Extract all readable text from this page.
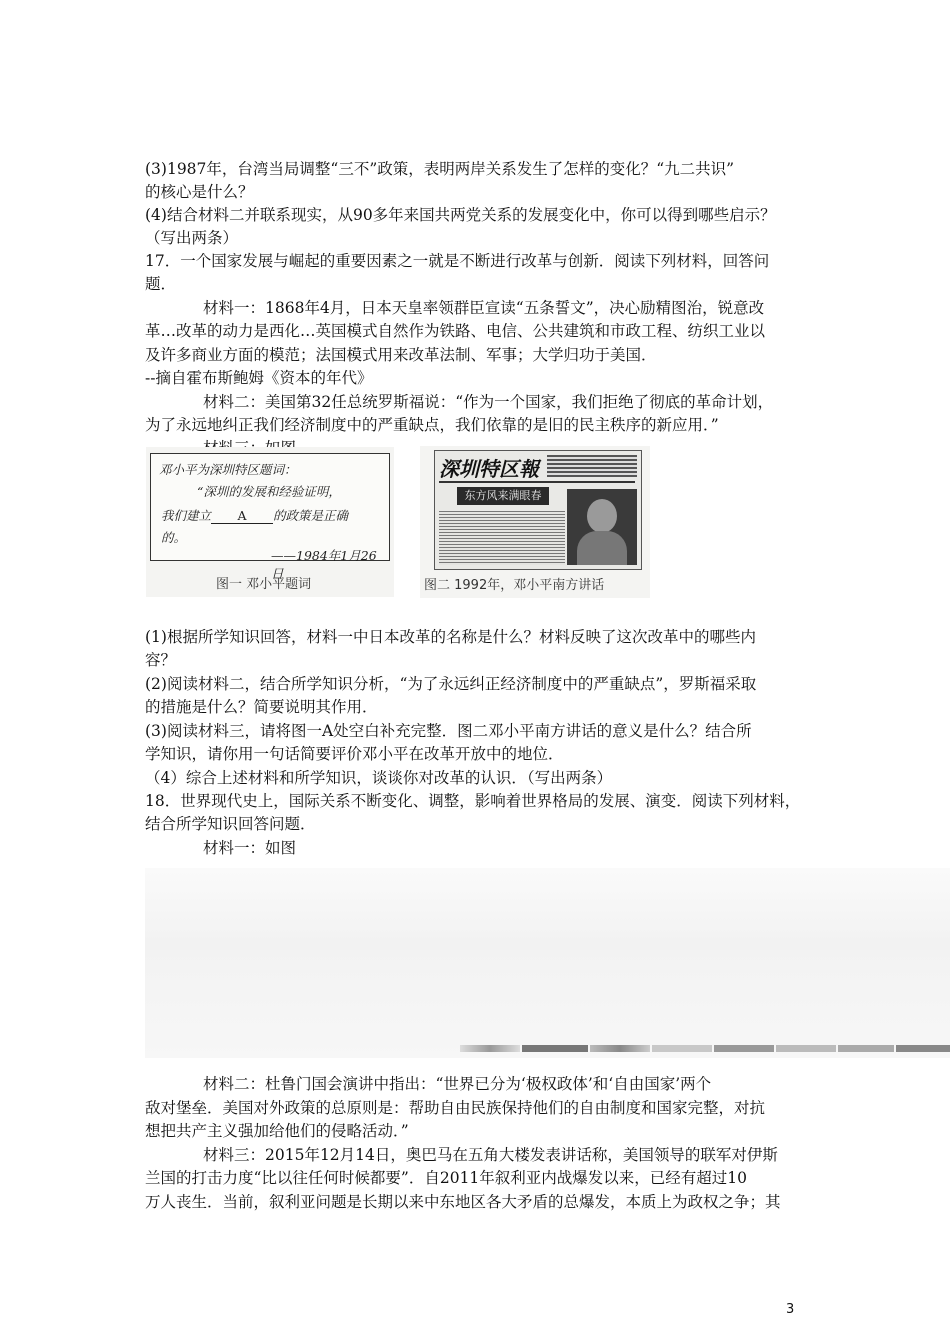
(3)1987年，台湾当局调整“三不”政策，表明两岸关系发生了怎样的变化？“九二共识”
的核心是什么？
(4)结合材料二并联系现实，从90多年来国共两党关系的发展变化中，你可以得到哪些启示？
（写出两条）
17．一个国家发展与崛起的重要因素之一就是不断进行改革与创新．阅读下列材料，回答问
题．
材料一：1868年4月，日本天皇率领群臣宣读“五条誓文”，决心励精图治，锐意改
革…改革的动力是西化…英国模式自然作为铁路、电信、公共建筑和市政工程、纺织工业以
及许多商业方面的模范；法国模式用来改革法制、军事；大学归功于美国．
--摘自霍布斯鲍姆《资本的年代》
材料二：美国第32任总统罗斯福说：“作为一个国家，我们拒绝了彻底的革命计划，
为了永远地纠正我们经济制度中的严重缺点，我们依靠的是旧的民主秩序的新应用．”
邓小平为深圳特区题词：
“深圳的发展和经验证明，
我们建立 A 的政策是正确
的。
——1984年1月26日
图一 邓小平题词
深圳特区報
东方风来满眼春
图二 1992年，邓小平南方讲话
(1)根据所学知识回答，材料一中日本改革的名称是什么？材料反映了这次改革中的哪些内
容？
(2)阅读材料二，结合所学知识分析，“为了永远纠正经济制度中的严重缺点”，罗斯福采取
的措施是什么？简要说明其作用．
(3)阅读材料三，请将图一A处空白补充完整．图二邓小平南方讲话的意义是什么？结合所
学知识，请你用一句话简要评价邓小平在改革开放中的地位．
（4）综合上述材料和所学知识，谈谈你对改革的认识．（写出两条）
18．世界现代史上，国际关系不断变化、调整，影响着世界格局的发展、演变．阅读下列材料，
结合所学知识回答问题．
材料一：如图
材料二：杜鲁门国会演讲中指出：“世界已分为‘极权政体’和‘自由国家’两个
敌对堡垒．美国对外政策的总原则是：帮助自由民族保持他们的自由制度和国家完整，对抗
想把共产主义强加给他们的侵略活动．”
材料三：2015年12月14日，奥巴马在五角大楼发表讲话称，美国领导的联军对伊斯
兰国的打击力度“比以往任何时候都要”．自2011年叙利亚内战爆发以来，已经有超过10
万人丧生．当前，叙利亚问题是长期以来中东地区各大矛盾的总爆发，本质上为政权之争；其
3
